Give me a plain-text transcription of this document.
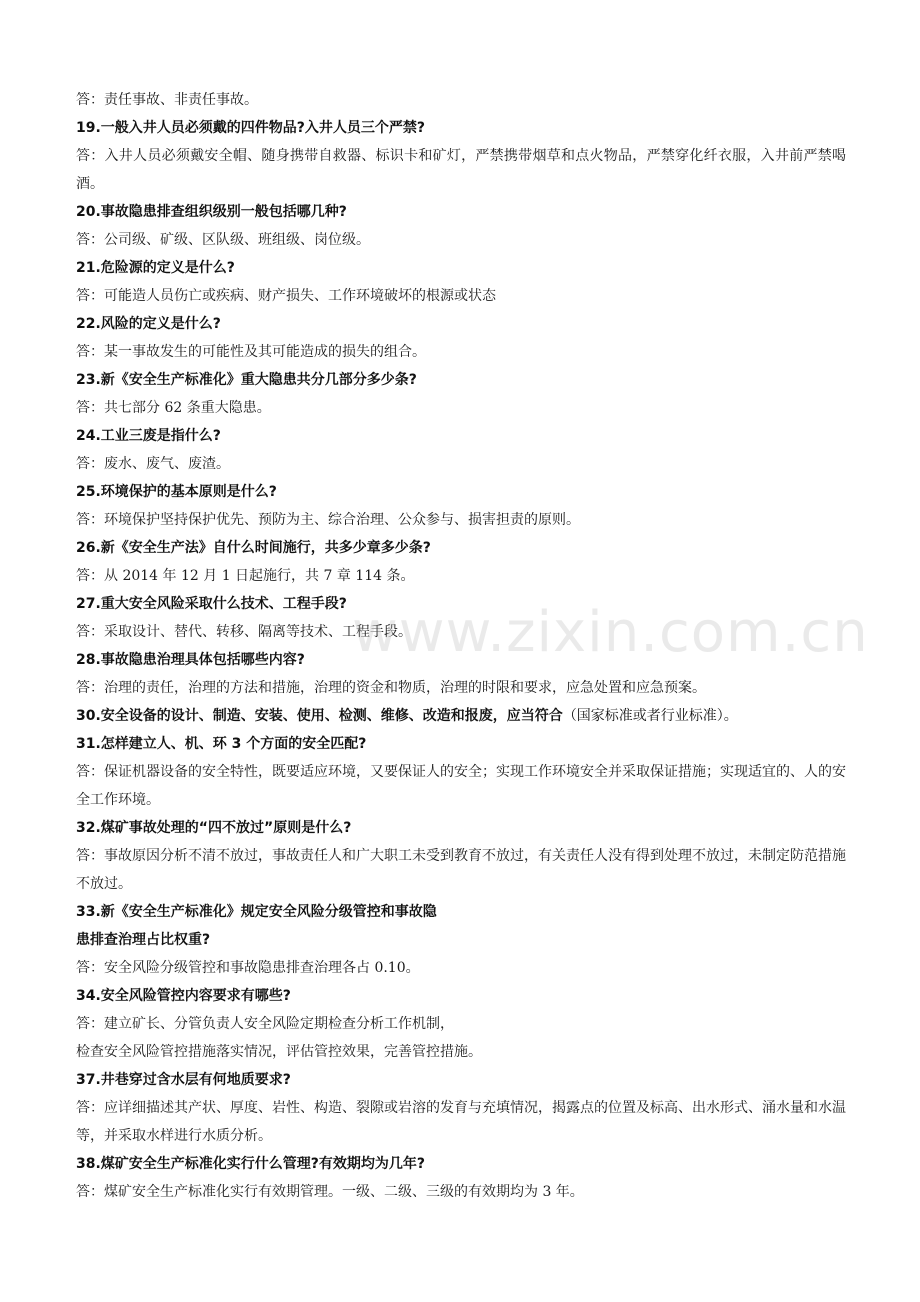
答：责任事故、非责任事故。
19.一般入井人员必须戴的四件物品?入井人员三个严禁?
答：入井人员必须戴安全帽、随身携带自救器、标识卡和矿灯，严禁携带烟草和点火物品，严禁穿化纤衣服，入井前严禁喝酒。
20.事故隐患排查组织级别一般包括哪几种?
答：公司级、矿级、区队级、班组级、岗位级。
21.危险源的定义是什么?
答：可能造人员伤亡或疾病、财产损失、工作环境破坏的根源或状态
22.风险的定义是什么?
答：某一事故发生的可能性及其可能造成的损失的组合。
23.新《安全生产标准化》重大隐患共分几部分多少条?
答：共七部分 62 条重大隐患。
24.工业三废是指什么?
答：废水、废气、废渣。
25.环境保护的基本原则是什么?
答：环境保护坚持保护优先、预防为主、综合治理、公众参与、损害担责的原则。
26.新《安全生产法》自什么时间施行，共多少章多少条?
答：从 2014 年 12 月 1 日起施行，共 7 章 114 条。
27.重大安全风险采取什么技术、工程手段?
答：采取设计、替代、转移、隔离等技术、工程手段。
28.事故隐患治理具体包括哪些内容?
答：治理的责任，治理的方法和措施，治理的资金和物质，治理的时限和要求，应急处置和应急预案。
30.安全设备的设计、制造、安装、使用、检测、维修、改造和报废，应当符合（国家标准或者行业标准）。
31.怎样建立人、机、环 3 个方面的安全匹配?
答：保证机器设备的安全特性，既要适应环境，又要保证人的安全；实现工作环境安全并采取保证措施；实现适宜的、人的安全工作环境。
32.煤矿事故处理的“四不放过”原则是什么?
答：事故原因分析不清不放过，事故责任人和广大职工未受到教育不放过，有关责任人没有得到处理不放过，未制定防范措施不放过。
33.新《安全生产标准化》规定安全风险分级管控和事故隐
患排查治理占比权重?
答：安全风险分级管控和事故隐患排查治理各占 0.10。
34.安全风险管控内容要求有哪些?
答：建立矿长、分管负责人安全风险定期检查分析工作机制，
检查安全风险管控措施落实情况，评估管控效果，完善管控措施。
37.井巷穿过含水层有何地质要求?
答：应详细描述其产状、厚度、岩性、构造、裂隙或岩溶的发育与充填情况，揭露点的位置及标高、出水形式、涌水量和水温等，并采取水样进行水质分析。
38.煤矿安全生产标准化实行什么管理?有效期均为几年?
答：煤矿安全生产标准化实行有效期管理。一级、二级、三级的有效期均为 3 年。
www.zixin.com.cn
